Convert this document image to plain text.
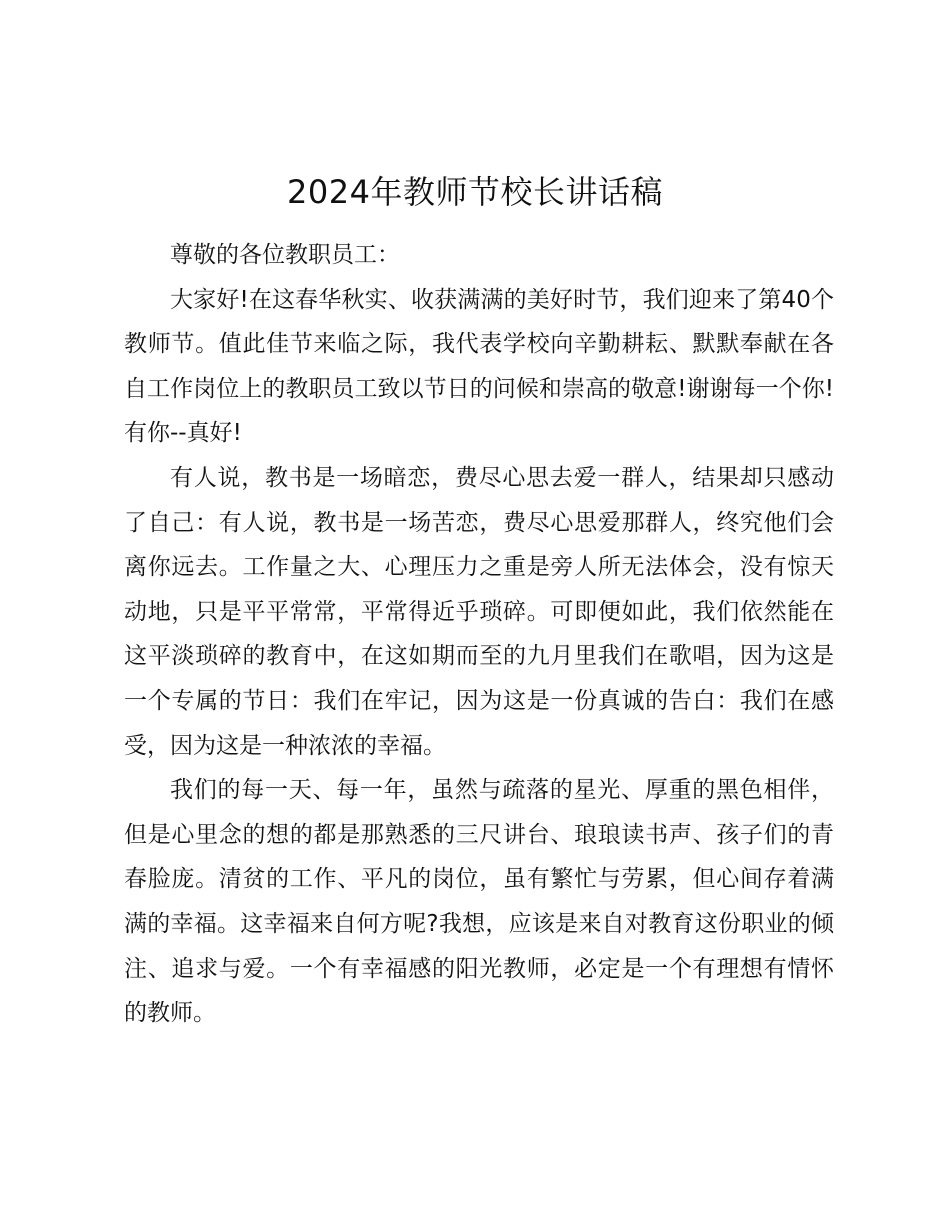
2024年教师节校长讲话稿

尊敬的各位教职员工：

大家好!在这春华秋实、收获满满的美好时节，我们迎来了第40个教师节。值此佳节来临之际，我代表学校向辛勤耕耘、默默奉献在各自工作岗位上的教职员工致以节日的问候和崇高的敬意!谢谢每一个你!有你--真好!

有人说，教书是一场暗恋，费尽心思去爱一群人，结果却只感动了自己：有人说，教书是一场苦恋，费尽心思爱那群人，终究他们会离你远去。工作量之大、心理压力之重是旁人所无法体会，没有惊天动地，只是平平常常，平常得近乎琐碎。可即便如此，我们依然能在这平淡琐碎的教育中，在这如期而至的九月里我们在歌唱，因为这是一个专属的节日：我们在牢记，因为这是一份真诚的告白：我们在感受，因为这是一种浓浓的幸福。

我们的每一天、每一年，虽然与疏落的星光、厚重的黑色相伴，但是心里念的想的都是那熟悉的三尺讲台、琅琅读书声、孩子们的青春脸庞。清贫的工作、平凡的岗位，虽有繁忙与劳累，但心间存着满满的幸福。这幸福来自何方呢?我想，应该是来自对教育这份职业的倾注、追求与爱。一个有幸福感的阳光教师，必定是一个有理想有情怀的教师。
